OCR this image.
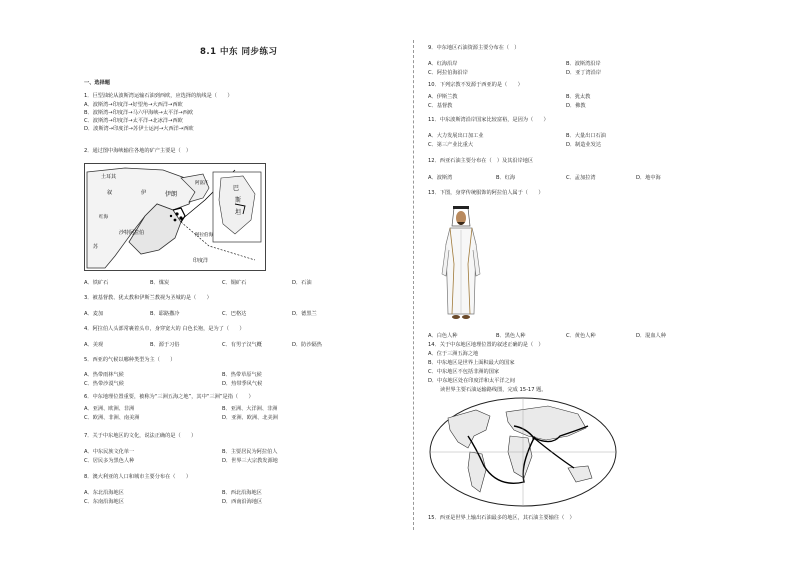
8.1 中东 同步练习
一、选择题
1．巨型油轮从波斯湾运输石油到西欧，应选择的航线是（　　）
A．波斯湾→印度洋→好望角→大西洋→西欧
B．波斯湾→印度洋→马六甲海峡→太平洋→西欧
C．波斯湾→印度洋→太平洋→北冰洋→西欧
D．波斯湾→印度洋→苏伊士运河→大西洋→西欧
2．通过图中海峡输往各地的矿产主要是（　）
土耳其
叙	伊朗
伊
阿富汗
沙特阿拉伯	阿拉伯海
印度洋
红海
苏
巴
斯
坦
A．铁矿石	B．煤炭	C．铜矿石	D．石油
3．被基督教、犹太教和伊斯兰教视为圣城的是（　　）
A．麦加	B．耶路撒冷	C．巴格达	D．德黑兰
4．阿拉伯人头部常裹着头巾，身穿宽大的 白色长袍，是为了（　　）
A．美观	B．源于习俗	C．有男子汉气概	D．防沙隔热
5．西亚的气候以哪种类型为主（　　）
A．热带雨林气候	B．热带草原气候
C．热带沙漠气候	D．热带季风气候
6．中东地理位置重要，被称为“三洲五海之地”，其中“三洲”是指（　　）
A．亚洲、欧洲、非洲	B．亚洲、大洋洲、非洲
C．欧洲、非洲、南美洲	D．亚洲、欧洲、北美洲
7．关于中东地区的文化，说法正确的是（　　）
A．中东民族文化单一	B．主要居民为阿拉伯人
C．居民多为黑色人种	D．世界三大宗教发源地
8．澳大利亚的人口和城市主要分布在（　　）
A．东北沿海地区	B．西北沿海地区
C．东南沿海地区	D．西南沿海地区
9．中东地区石油资源主要分布在（　）
A．红海沿岸	B．波斯湾沿岸
C．阿拉伯海沿岸	D．亚丁湾沿岸
10．下列宗教不发源于西亚的是（　　）
A．伊斯兰教	B．犹太教
C．基督教	D．佛教
11．中东波斯湾沿岸国家比较富裕，是因为（　　）
A．大力发展出口加工业	B．大量出口石油
C．第三产业比重大	D．制造业发达
12．西亚石油主要分布在（　）及其沿岸地区
A．波斯湾	B．红海	C．孟加拉湾	D．地中海
13．下图，身穿传统服饰的阿拉伯人属于（　　）
A．白色人种	B．黑色人种	C．黄色人种	D．混血人种
14．关于中东地区地理位置的叙述正确的是（　）
A．位于三洲五海之地
B．中东地区是世界上面积最大的国家
C．中东地区不包括非洲的国家
D．中东地区处在印度洋和太平洋之间
读世界主要石油运输路线图，完成 15-17 题。
15．西亚是世界上输出石油最多的地区，其石油主要输往（　）
